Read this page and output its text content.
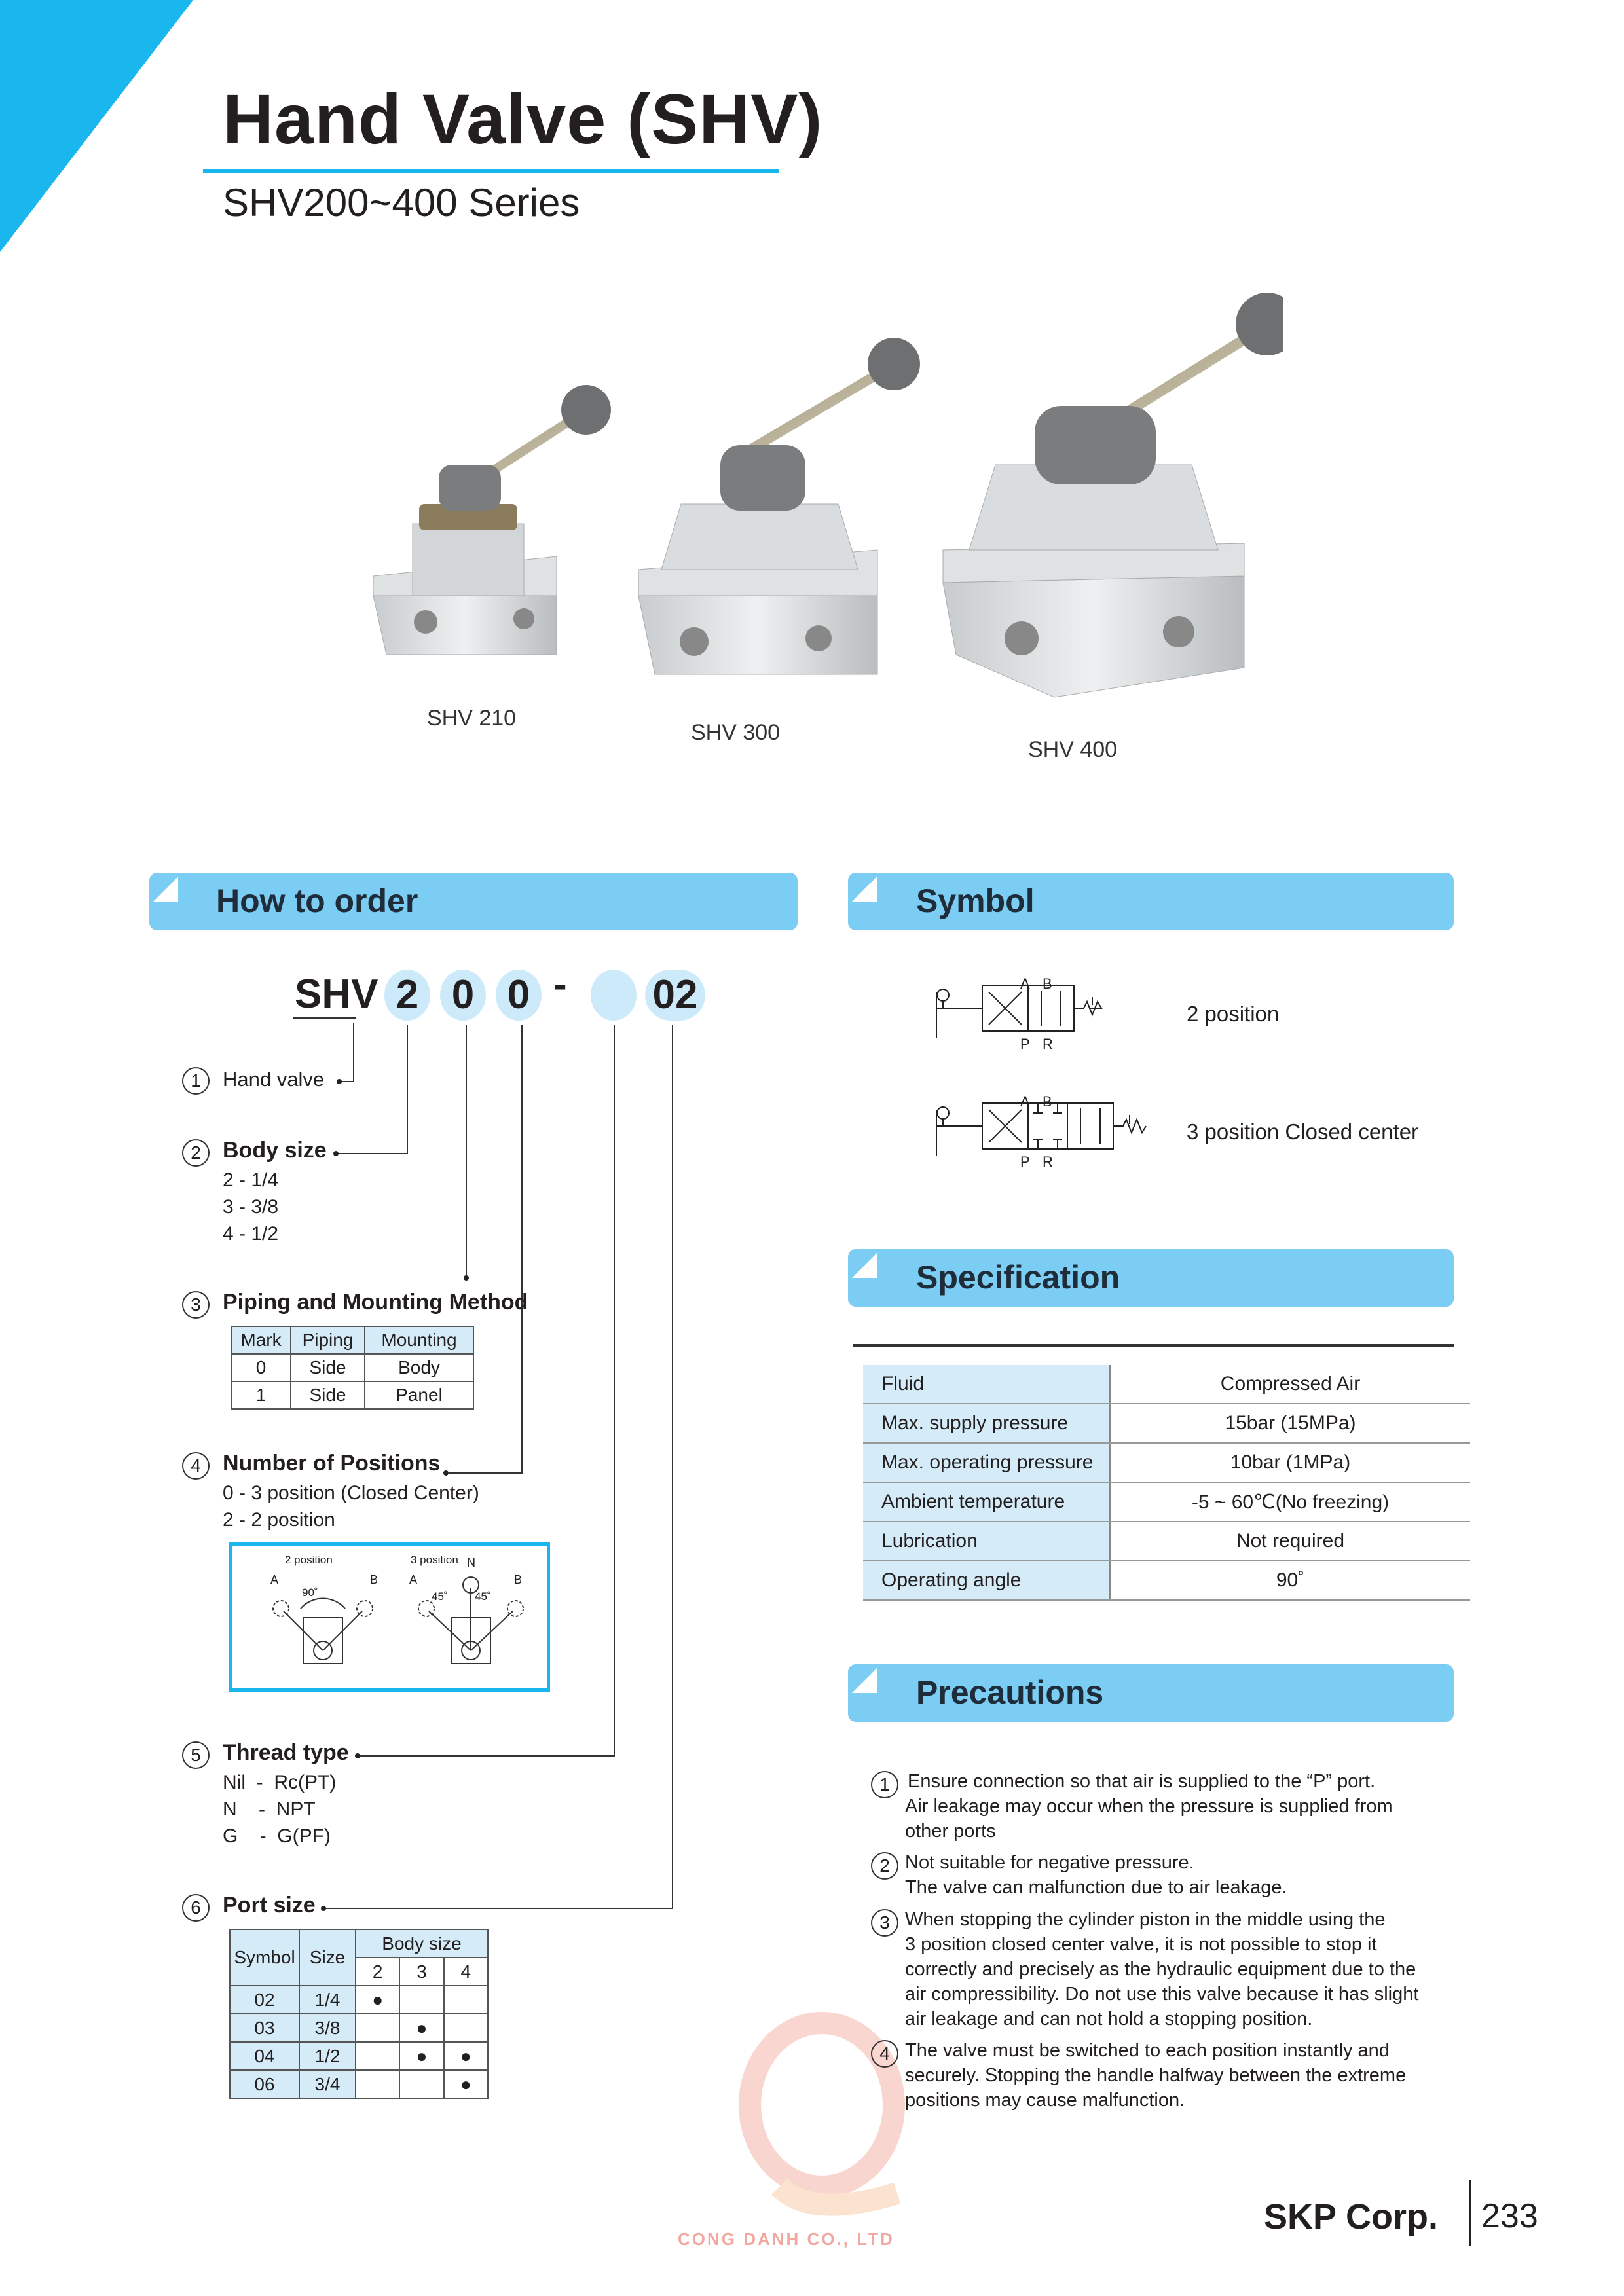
Hand Valve (SHV)
SHV200~400 Series
SHV 210
SHV 300
SHV 400
How to order	Symbol
Specification
Precautions
SHV 2 0 0 - 02
1	Hand valve
2 Body size
2 - 1/4
3 - 3/8
4 - 1/2
3 Piping and Mounting Method
Mark	Piping	Mounting
0	Side	Body
1	Side	Panel
4 Number of Positions
0 - 3 position (Closed Center)
2 - 2 position
2 position	3 position
A	B	A	B
N
90˚	45˚ 45˚
5 Thread type
Nil  -  Rc(PT)
N    -  NPT
G    -  G(PF)
6 Port size
Symbol	Size	Body size		
		2	3	4
02	1/4	●		
03	3/8		●	
04	1/2		●	●
06	3/4			●
A B
P R
A B
P R
2 position
3 position Closed center
Fluid	Compressed Air
Max. supply pressure	15bar (15MPa)
Max. operating pressure	10bar (1MPa)
Ambient temperature	-5 ~ 60℃(No freezing)
Lubrication	Not required
Operating angle	90˚
CONG DANH CO., LTD
1 Ensure connection so that air is supplied to the “P” port.
Air leakage may occur when the pressure is supplied from
other ports
2 Not suitable for negative pressure.
The valve can malfunction due to air leakage.
3 When stopping the cylinder piston in the middle using the
3 position closed center valve, it is not possible to stop it
correctly and precisely as the hydraulic equipment due to the
air compressibility. Do not use this valve because it has slight
air leakage and can not hold a stopping position.
4 The valve must be switched to each position instantly and
securely. Stopping the handle halfway between the extreme
positions may cause malfunction.
SKP Corp. 233
